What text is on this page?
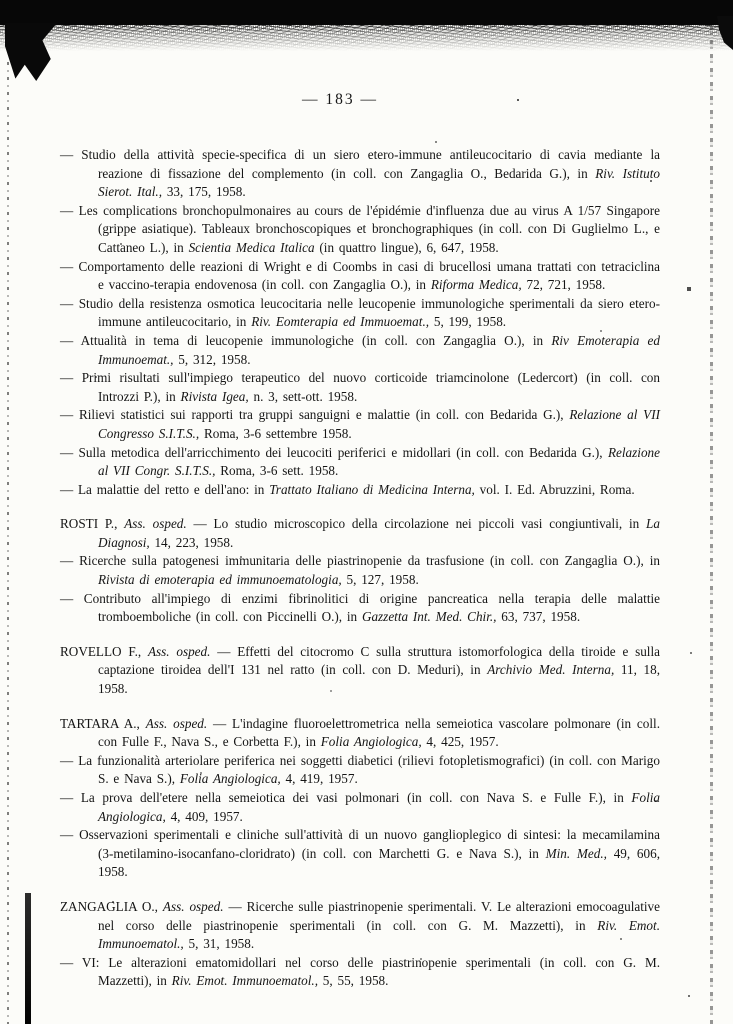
— 183 —

— Studio della attività specie-specifica di un siero etero-immune antileucocitario di cavia mediante la reazione di fissazione del complemento (in coll. con Zangaglia O., Bedarida G.), in Riv. Istituto Sierot. Ital., 33, 175, 1958.

— Les complications bronchopulmonaires au cours de l'épidémie d'influenza due au virus A 1/57 Singapore (grippe asiatique). Tableaux bronchoscopiques et bronchographiques (in coll. con Di Guglielmo L., e Cattaneo L.), in Scientia Medica Italica (in quattro lingue), 6, 647, 1958.

— Comportamento delle reazioni di Wright e di Coombs in casi di brucellosi umana trattati con tetraciclina e vaccino-terapia endovenosa (in coll. con Zangaglia O.), in Riforma Medica, 72, 721, 1958.

— Studio della resistenza osmotica leucocitaria nelle leucopenie immunologiche sperimentali da siero etero-immune antileucocitario, in Riv. Eomterapia ed Immuoemat., 5, 199, 1958.

— Attualità in tema di leucopenie immunologiche (in coll. con Zangaglia O.), in Riv Emoterapia ed Immunoemat., 5, 312, 1958.

— Primi risultati sull'impiego terapeutico del nuovo corticoide triamcinolone (Ledercort) (in coll. con Introzzi P.), in Rivista Igea, n. 3, sett-ott. 1958.

— Rilievi statistici sui rapporti tra gruppi sanguigni e malattie (in coll. con Bedarida G.), Relazione al VII Congresso S.I.T.S., Roma, 3-6 settembre 1958.

— Sulla metodica dell'arricchimento dei leucociti periferici e midollari (in coll. con Bedarida G.), Relazione al VII Congr. S.I.T.S., Roma, 3-6 sett. 1958.

— La malattie del retto e dell'ano: in Trattato Italiano di Medicina Interna, vol. I. Ed. Abruzzini, Roma.

ROSTI P., Ass. osped. — Lo studio microscopico della circolazione nei piccoli vasi congiuntivali, in La Diagnosi, 14, 223, 1958.

— Ricerche sulla patogenesi immunitaria delle piastrinopenie da trasfusione (in coll. con Zangaglia O.), in Rivista di emoterapia ed immunoematologia, 5, 127, 1958.

— Contributo all'impiego di enzimi fibrinolitici di origine pancreatica nella terapia delle malattie tromboemboliche (in coll. con Piccinelli O.), in Gazzetta Int. Med. Chir., 63, 737, 1958.

ROVELLO F., Ass. osped. — Effetti del citocromo C sulla struttura istomorfologica della tiroide e sulla captazione tiroidea dell'I 131 nel ratto (in coll. con D. Meduri), in Archivio Med. Interna, 11, 18, 1958.

TARTARA A., Ass. osped. — L'indagine fluoroelettrometrica nella semeiotica vascolare polmonare (in coll. con Fulle F., Nava S., e Corbetta F.), in Folia Angiologica, 4, 425, 1957.

— La funzionalità arteriolare periferica nei soggetti diabetici (rilievi fotopletismografici) (in coll. con Marigo S. e Nava S.), Folia Angiologica, 4, 419, 1957.

— La prova dell'etere nella semeiotica dei vasi polmonari (in coll. con Nava S. e Fulle F.), in Folia Angiologica, 4, 409, 1957.

— Osservazioni sperimentali e cliniche sull'attività di un nuovo ganglioplegico di sintesi: la mecamilamina (3-metilamino-isocanfano-cloridrato) (in coll. con Marchetti G. e Nava S.), in Min. Med., 49, 606, 1958.

ZANGAGLIA O., Ass. osped. — Ricerche sulle piastrinopenie sperimentali. V. Le alterazioni emocoagulative nel corso delle piastrinopenie sperimentali (in coll. con G. M. Mazzetti), in Riv. Emot. Immunoematol., 5, 31, 1958.

— VI: Le alterazioni ematomidollari nel corso delle piastrinopenie sperimentali (in coll. con G. M. Mazzetti), in Riv. Emot. Immunoematol., 5, 55, 1958.
